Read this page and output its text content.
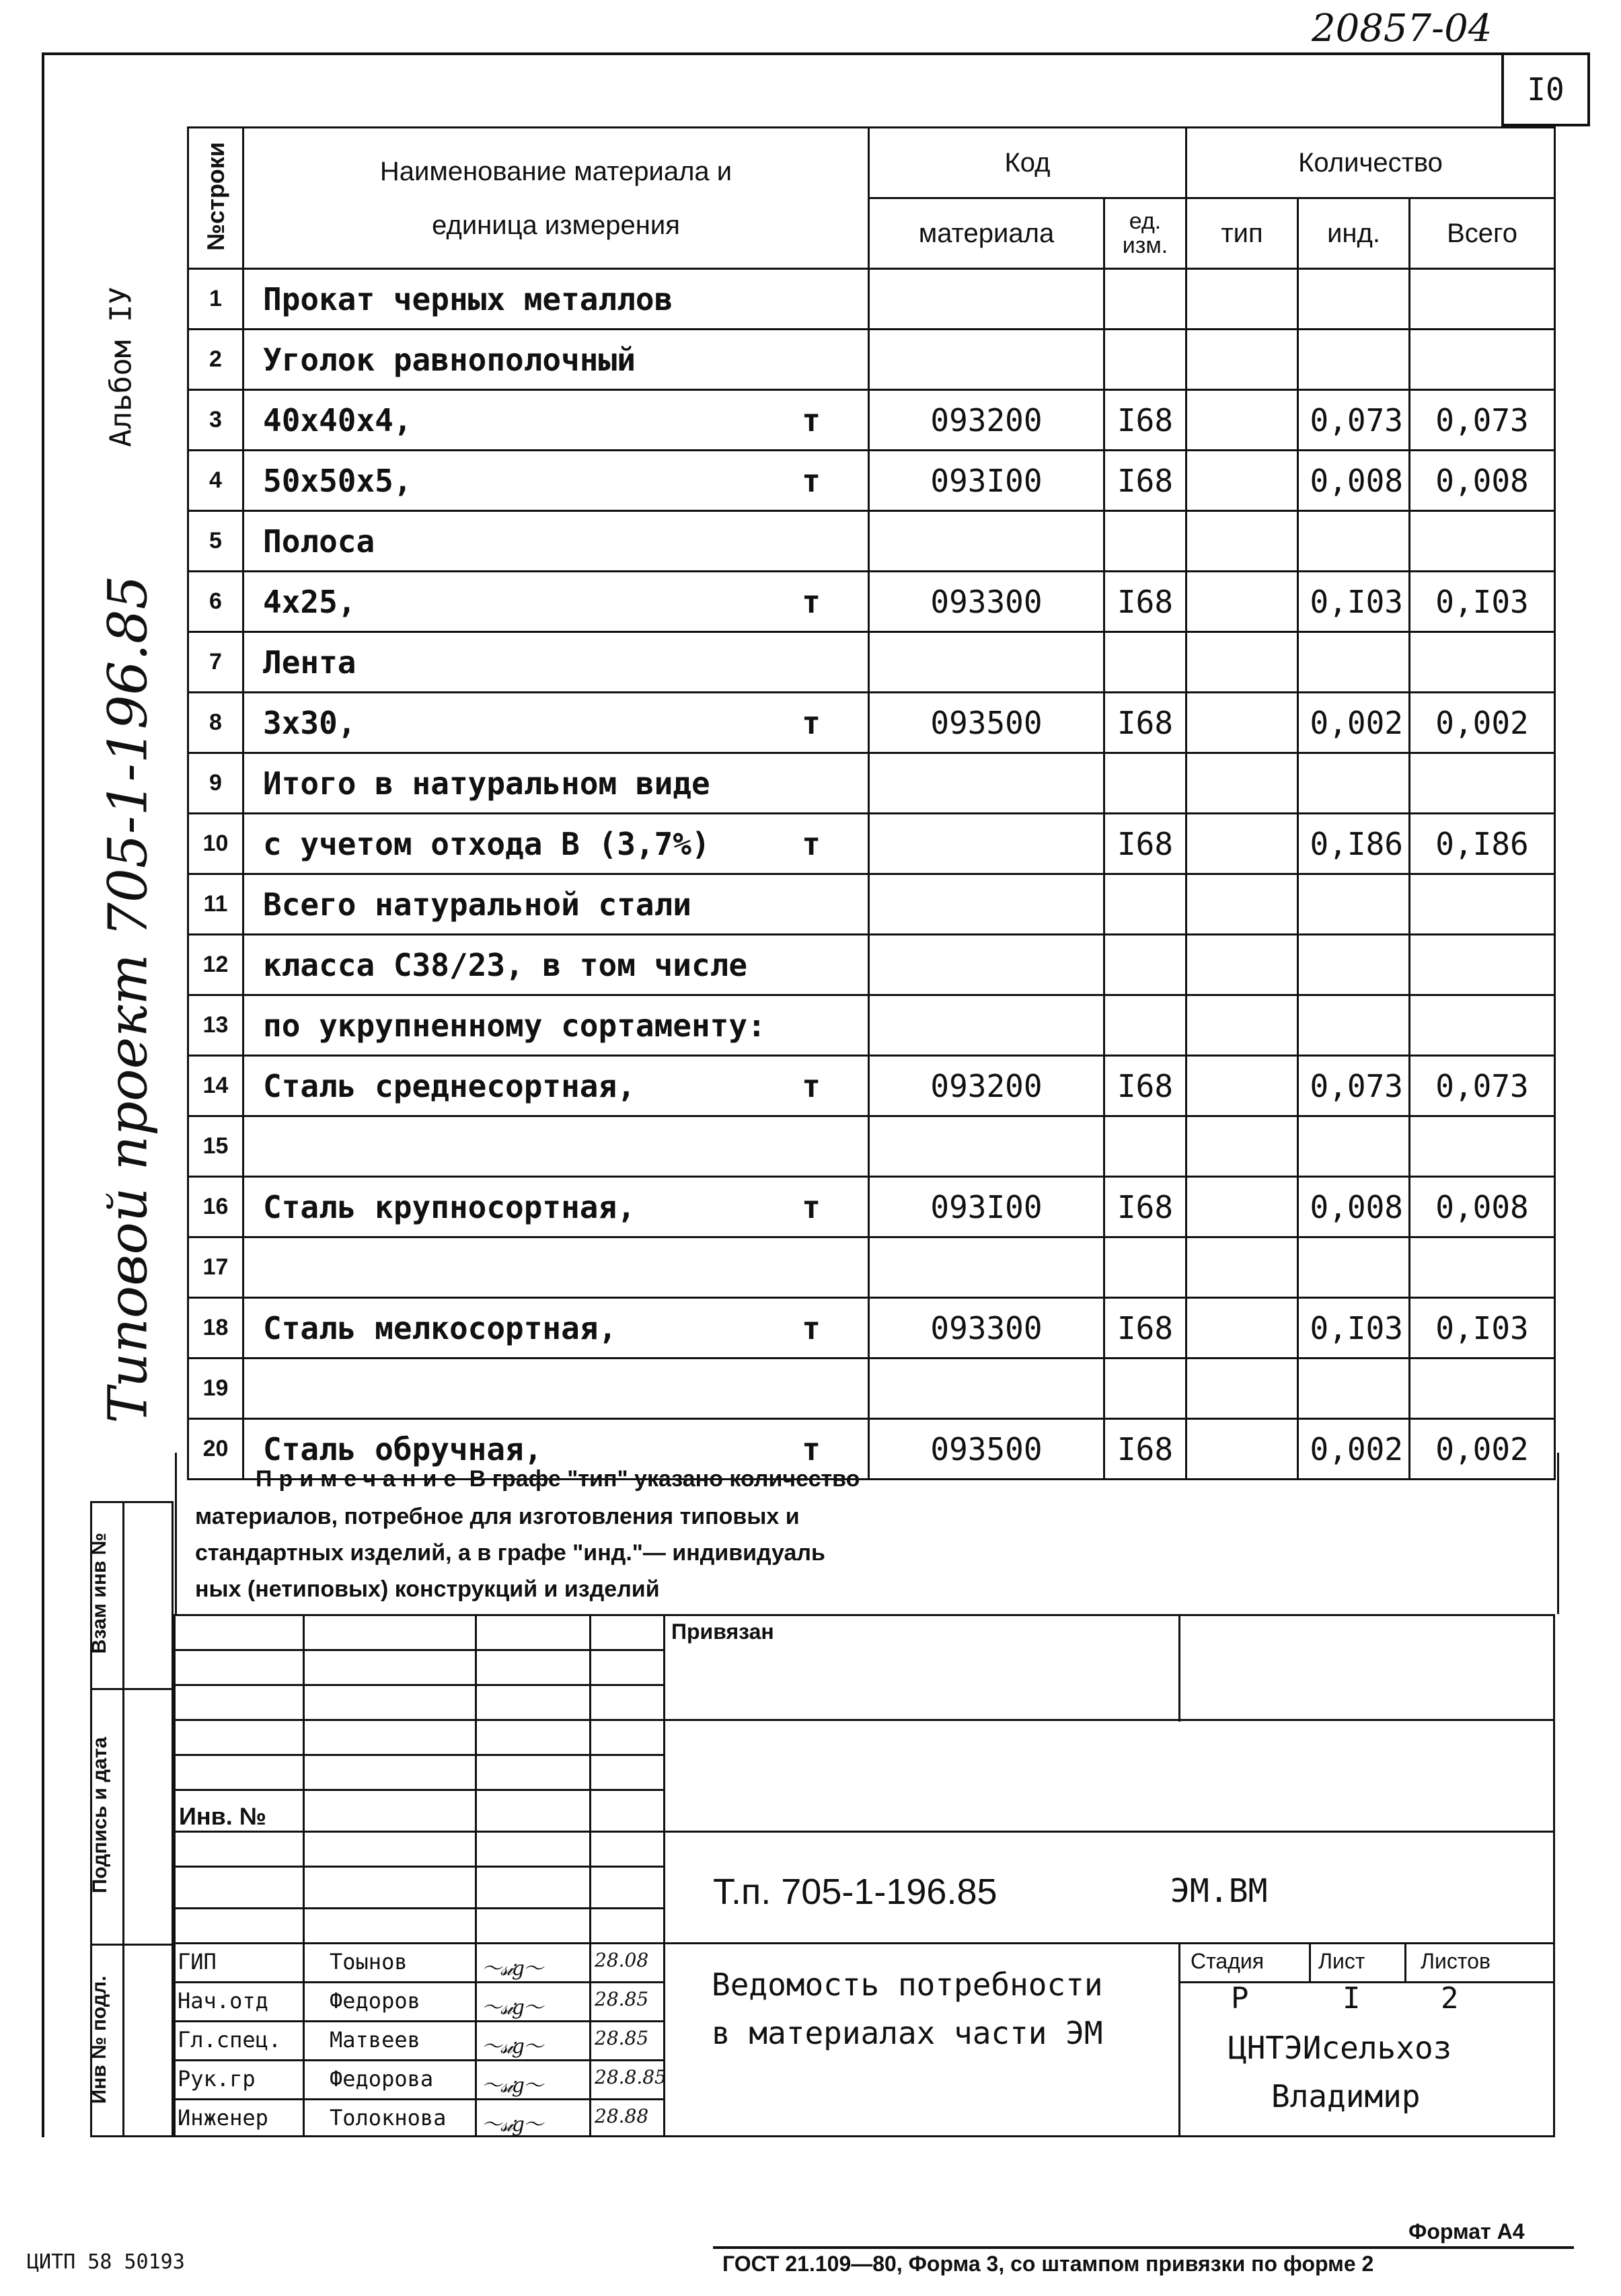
20857-04
I0
Альбом IУ
Типовой проект 705-1-196.85
№строки	Наименование материала и единица измерения	Код		Количество		
		материала	ед. изм.	тип	инд.	Всего
1	Прокат черных металлов

2	Уголок равнополочный

3	40x40x4, т	093200	I68		0,073	0,073
4	50x50x5, т	093I00	I68		0,008	0,008
5	Полоса

6	4x25, т	093300	I68		0,I03	0,I03
7	Лента

8	3x30, т	093500	I68		0,002	0,002
9	Итого в натуральном виде

10	с учетом отхода В (3,7%) т		I68		0,I86	0,I86
11	Всего натуральной стали

12	класса С38/23, в том числе

13	по укрупненному сортаменту:

14	Сталь среднесортная, т	093200	I68		0,073	0,073
15	

16	Сталь крупносортная, т	093I00	I68		0,008	0,008
17	

18	Сталь мелкосортная, т	093300	I68		0,I03	0,I03
19	

20	Сталь обручная, т	093500	I68		0,002	0,002
Примечание В графе "тип" указано количество
материалов, потребное для изготовления типовых и
стандартных изделий, а в графе "инд."— индивидуаль
ных (нетиповых) конструкций и изделий
Взам инв №
Подпись и дата
Инв № подл.
Привязан
Инв. №
Т.п. 705-1-196.85	ЭМ.ВМ
Ведомость потребности
в материалах части ЭМ
Стадия	Лист	Листов
Р	I	2
ЦНТЭИсельхоз
Владимир
ГИП	Тоынов	〜𝓈𝒾𝑔〜	28.08
Нач.отд	Федоров	〜𝓈𝒾𝑔〜	28.85
Гл.спец. Матвеев	〜𝓈𝒾𝑔〜	28.85
Рук.гр	Федорова 〜𝓈𝒾𝑔〜	28.8.85
Инженер	Толокнова 〜𝓈𝒾𝑔〜	28.88
Формат А4
ЦИТП 58 50193	ГОСТ 21.109—80, Форма 3, со штампом привязки по форме 2
